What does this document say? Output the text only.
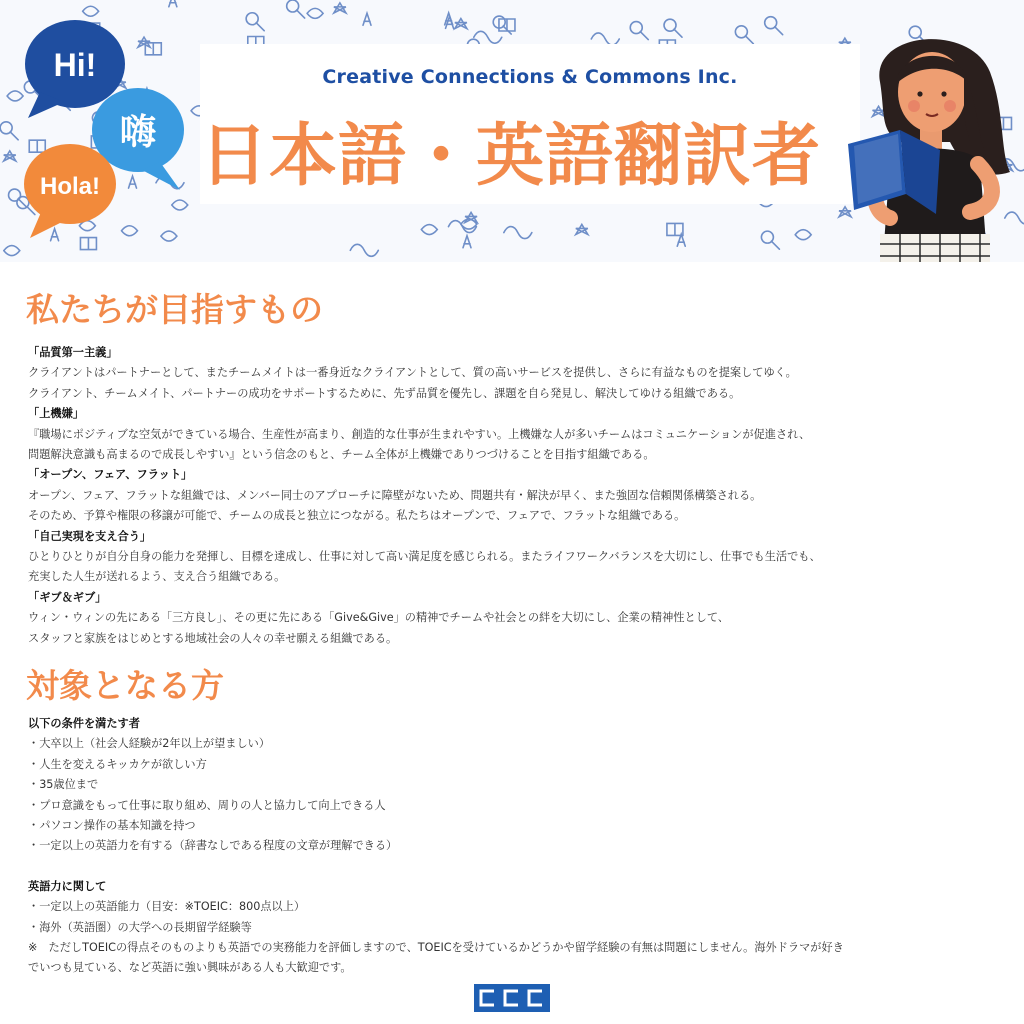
Creative Connections & Commons Inc.
日本語・英語翻訳者
Hi!
嗨
Hola!
私たちが目指すもの

「品質第一主義」

クライアントはパートナーとして、またチームメイトは一番身近なクライアントとして、質の高いサービスを提供し、さらに有益なものを提案してゆく。

クライアント、チームメイト、パートナーの成功をサポートするために、先ず品質を優先し、課題を自ら発見し、解決してゆける組織である。

「上機嫌」

『職場にポジティブな空気ができている場合、生産性が高まり、創造的な仕事が生まれやすい。上機嫌な人が多いチームはコミュニケーションが促進され、

問題解決意識も高まるので成長しやすい』という信念のもと、チーム全体が上機嫌でありつづけることを目指す組織である。

「オープン、フェア、フラット」

オープン、フェア、フラットな組織では、メンバー同士のアプローチに障壁がないため、問題共有・解決が早く、また強固な信頼関係構築される。

そのため、予算や権限の移譲が可能で、チームの成長と独立につながる。私たちはオープンで、フェアで、フラットな組織である。

「自己実現を支え合う」

ひとりひとりが自分自身の能力を発揮し、目標を達成し、仕事に対して高い満足度を感じられる。またライフワークバランスを大切にし、仕事でも生活でも、

充実した人生が送れるよう、支え合う組織である。

「ギブ＆ギブ」

ウィン・ウィンの先にある「三方良し」、その更に先にある「Give&Give」の精神でチームや社会との絆を大切にし、企業の精神性として、

スタッフと家族をはじめとする地域社会の人々の幸せ願える組織である。

対象となる方

以下の条件を満たす者

・大卒以上（社会人経験が2年以上が望ましい）

・人生を変えるキッカケが欲しい方

・35歳位まで

・プロ意識をもって仕事に取り組め、周りの人と協力して向上できる人

・パソコン操作の基本知識を持つ

・一定以上の英語力を有する（辞書なしである程度の文章が理解できる）

英語力に関して

・一定以上の英語能力（目安：※TOEIC：800点以上）

・海外（英語圏）の大学への長期留学経験等

※　ただしTOEICの得点そのものよりも英語での実務能力を評価しますので、TOEICを受けているかどうかや留学経験の有無は問題にしません。海外ドラマが好き

でいつも見ている、など英語に強い興味がある人も大歓迎です。

CCC
